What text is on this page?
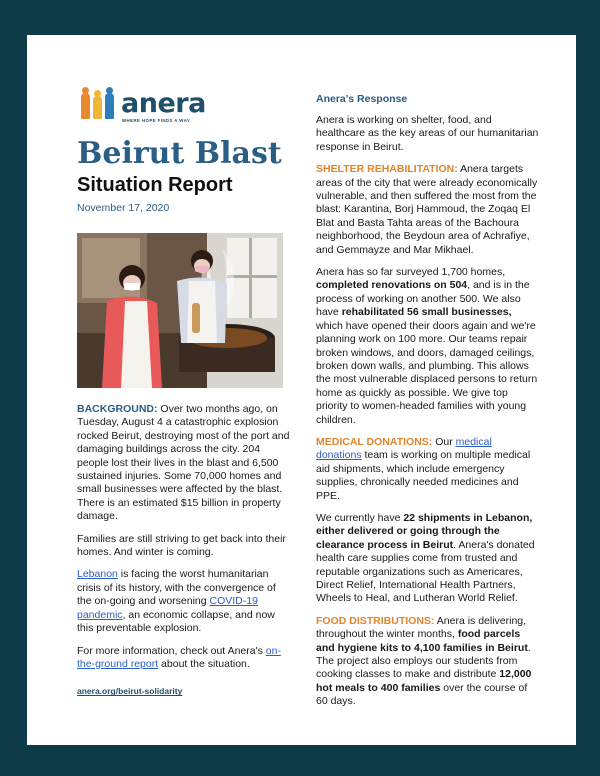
anera
WHERE HOPE FINDS A WAY
Beirut Blast
Situation Report
November 17, 2020

BACKGROUND: Over two months ago, on Tuesday, August 4 a catastrophic explosion rocked Beirut, destroying most of the port and damaging buildings across the city. 204 people lost their lives in the blast and 6,500 sustained injuries. Some 70,000 homes and small businesses were affected by the blast. There is an estimated $15 billion in property damage.

Families are still striving to get back into their homes. And winter is coming.

Lebanon is facing the worst humanitarian crisis of its history, with the convergence of the on-going and worsening COVID-19 pandemic, an economic collapse, and now this preventable explosion.

For more information, check out Anera's on-the-ground report about the situation.

anera.org/beirut-solidarity
Anera's Response

Anera is working on shelter, food, and healthcare as the key areas of our humanitarian response in Beirut.

SHELTER REHABILITATION: Anera targets areas of the city that were already economically vulnerable, and then suffered the most from the blast: Karantina, Borj Hammoud, the Zoqaq El Blat and Basta Tahta areas of the Bachoura neighborhood, the Beydoun area of Achrafiye, and Gemmayze and Mar Mikhael.

Anera has so far surveyed 1,700 homes, completed renovations on 504, and is in the process of working on another 500. We also have rehabilitated 56 small businesses, which have opened their doors again and we're planning work on 100 more. Our teams repair broken windows, and doors, damaged ceilings, broken down walls, and plumbing. This allows the most vulnerable displaced persons to return home as quickly as possible. We give top priority to women-headed families with young children.

MEDICAL DONATIONS: Our medical donations team is working on multiple medical aid shipments, which include emergency supplies, chronically needed medicines and PPE.

We currently have 22 shipments in Lebanon, either delivered or going through the clearance process in Beirut. Anera's donated health care supplies come from trusted and reputable organizations such as Americares, Direct Relief, International Health Partners, Wheels to Heal, and Lutheran World Relief.

FOOD DISTRIBUTIONS: Anera is delivering, throughout the winter months, food parcels and hygiene kits to 4,100 families in Beirut. The project also employs our students from cooking classes to make and distribute 12,000 hot meals to 400 families over the course of 60 days.
